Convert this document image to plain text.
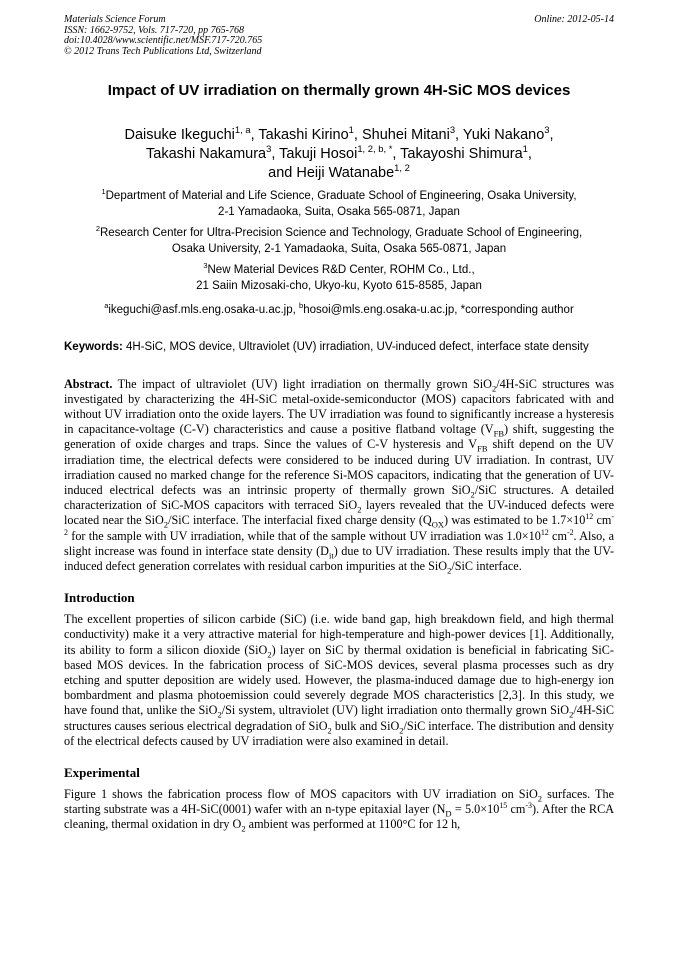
Materials Science Forum
ISSN: 1662-9752, Vols. 717-720, pp 765-768
doi:10.4028/www.scientific.net/MSF.717-720.765
© 2012 Trans Tech Publications Ltd, Switzerland
Online: 2012-05-14
Impact of UV irradiation on thermally grown 4H-SiC MOS devices
Daisuke Ikeguchi$^{1, a}$, Takashi Kirino$^1$, Shuhei Mitani$^3$, Yuki Nakano$^3$,
Takashi Nakamura$^3$, Takuji Hosoi$^{1, 2, b, *}$, Takayoshi Shimura$^1$,
and Heiji Watanabe$^{1, 2}$
$^1$Department of Material and Life Science, Graduate School of Engineering, Osaka University,
2-1 Yamadaoka, Suita, Osaka 565-0871, Japan
$^2$Research Center for Ultra-Precision Science and Technology, Graduate School of Engineering,
Osaka University, 2-1 Yamadaoka, Suita, Osaka 565-0871, Japan
$^3$New Material Devices R&D Center, ROHM Co., Ltd.,
21 Saiin Mizosaki-cho, Ukyo-ku, Kyoto 615-8585, Japan
$^a$ikeguchi@asf.mls.eng.osaka-u.ac.jp, $^b$hosoi@mls.eng.osaka-u.ac.jp, *corresponding author
Keywords: 4H-SiC, MOS device, Ultraviolet (UV) irradiation, UV-induced defect, interface state density
Abstract. The impact of ultraviolet (UV) light irradiation on thermally grown SiO$_2$/4H-SiC structures was investigated by characterizing the 4H-SiC metal-oxide-semiconductor (MOS) capacitors fabricated with and without UV irradiation onto the oxide layers. The UV irradiation was found to significantly increase a hysteresis in capacitance-voltage (C-V) characteristics and cause a positive flatband voltage $(V_{FB})$ shift, suggesting the generation of oxide charges and traps. Since the values of C-V hysteresis and $V_{FB}$ shift depend on the UV irradiation time, the electrical defects were considered to be induced during UV irradiation. In contrast, UV irradiation caused no marked change for the reference Si-MOS capacitors, indicating that the generation of UV-induced electrical defects was an intrinsic property of thermally grown SiO$_2$/SiC structures. A detailed characterization of SiC-MOS capacitors with terraced SiO$_2$ layers revealed that the UV-induced defects were located near the SiO$_2$/SiC interface. The interfacial fixed charge density $(Q_{OX})$ was estimated to be $1.7\times 10^{12}$ $cm^{-2}$ for the sample with UV irradiation, while that of the sample without UV irradiation was $1.0\times 10^{12}$ $cm^{-2}$. Also, a slight increase was found in interface state density $(D_{it})$ due to UV irradiation. These results imply that the UV-induced defect generation correlates with residual carbon impurities at the SiO$_2$/SiC interface.
Introduction
The excellent properties of silicon carbide (SiC) (i.e. wide band gap, high breakdown field, and high thermal conductivity) make it a very attractive material for high-temperature and high-power devices [1]. Additionally, its ability to form a silicon dioxide (SiO$_2$) layer on SiC by thermal oxidation is beneficial in fabricating SiC-based MOS devices. In the fabrication process of SiC-MOS devices, several plasma processes such as dry etching and sputter deposition are widely used. However, the plasma-induced damage due to high-energy ion bombardment and plasma photoemission could severely degrade MOS characteristics [2,3]. In this study, we have found that, unlike the SiO$_2$/Si system, ultraviolet (UV) light irradiation onto thermally grown SiO$_2$/4H-SiC structures causes serious electrical degradation of SiO$_2$ bulk and SiO$_2$/SiC interface. The distribution and density of the electrical defects caused by UV irradiation were also examined in detail.
Experimental
Figure 1 shows the fabrication process flow of MOS capacitors with UV irradiation on SiO$_2$ surfaces. The starting substrate was a 4H-SiC(0001) wafer with an n-type epitaxial layer ($N_D = 5.0\times 10^{15}$ $cm^{-3}$). After the RCA cleaning, thermal oxidation in dry $O_2$ ambient was performed at 1100°C for 12 h,
